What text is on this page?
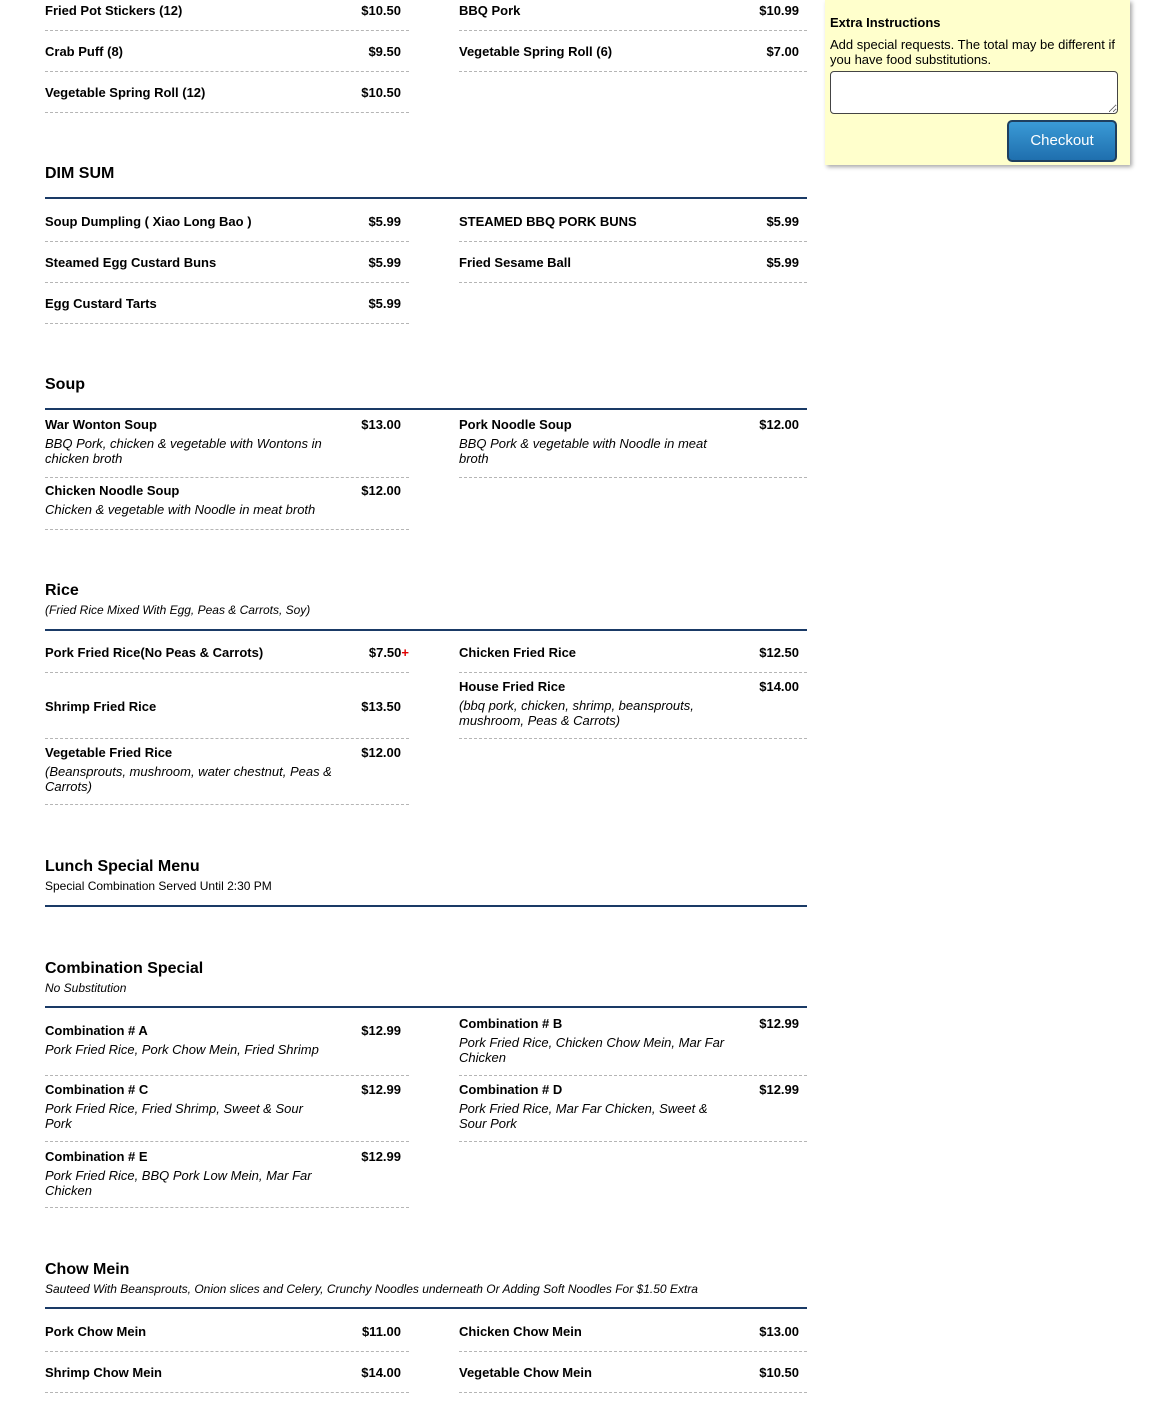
Fried Pot Stickers (12)	$10.50
Crab Puff (8)	$9.50
Vegetable Spring Roll (12)	$10.50
BBQ Pork	$10.99
Vegetable Spring Roll (6)	$7.00
DIM SUM
Soup Dumpling ( Xiao Long Bao )	$5.99
Steamed Egg Custard Buns	$5.99
Egg Custard Tarts	$5.99
STEAMED BBQ PORK BUNS	$5.99
Fried Sesame Ball	$5.99
Soup
War Wonton Soup	$13.00
BBQ Pork, chicken & vegetable with Wontons in chicken broth
Chicken Noodle Soup	$12.00
Chicken & vegetable with Noodle in meat broth
Pork Noodle Soup	$12.00
BBQ Pork & vegetable with Noodle in meat broth
Rice
(Fried Rice Mixed With Egg, Peas & Carrots, Soy)
Pork Fried Rice(No Peas & Carrots)	$7.50+
Shrimp Fried Rice	$13.50
Vegetable Fried Rice	$12.00
(Beansprouts, mushroom, water chestnut, Peas & Carrots)
Chicken Fried Rice	$12.50
House Fried Rice	$14.00
(bbq pork, chicken, shrimp, beansprouts, mushroom, Peas & Carrots)
Lunch Special Menu
Special Combination Served Until 2:30 PM
Combination Special
No Substitution
Combination # A	$12.99
Pork Fried Rice, Pork Chow Mein, Fried Shrimp
Combination # C	$12.99
Pork Fried Rice, Fried Shrimp, Sweet & Sour Pork
Combination # E	$12.99
Pork Fried Rice, BBQ Pork Low Mein, Mar Far Chicken
Combination # B	$12.99
Pork Fried Rice, Chicken Chow Mein, Mar Far Chicken
Combination # D	$12.99
Pork Fried Rice, Mar Far Chicken, Sweet & Sour Pork
Chow Mein
Sauteed With Beansprouts, Onion slices and Celery, Crunchy Noodles underneath Or Adding Soft Noodles For $1.50 Extra
Pork Chow Mein	$11.00
Shrimp Chow Mein	$14.00
Chicken Chow Mein	$13.00
Vegetable Chow Mein	$10.50
Extra Instructions
Add special requests. The total may be different if you have food substitutions.
Checkout
